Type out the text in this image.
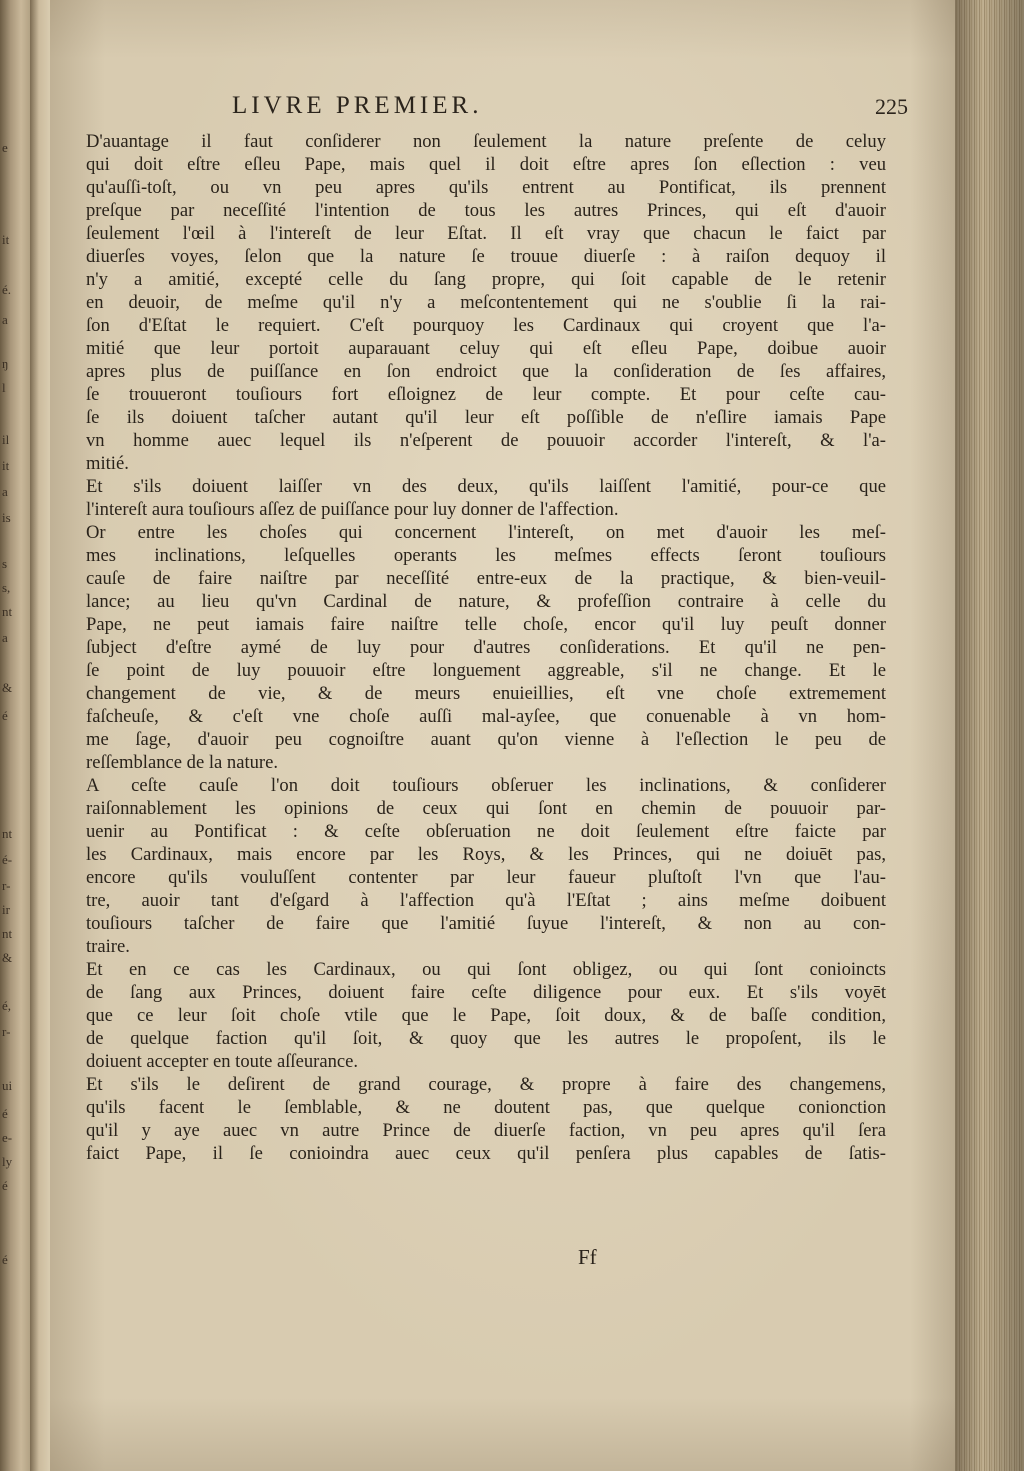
e
it
é.
a
ŋ
l
il
it
a
is
s
s,
nt
a
&
é
nt
é-
r-
ir
nt
&
é,
r-
ui
é
e-
ly
é
é
LIVRE PREMIER.	225
D'auantage il faut conſiderer non ſeulement la nature preſente de celuy
qui doit eſtre eſleu Pape, mais quel il doit eſtre apres ſon eſlection : veu
qu'auſſi-toſt, ou vn peu apres qu'ils entrent au Pontificat, ils prennent
preſque par neceſſité l'intention de tous les autres Princes, qui eſt d'auoir
ſeulement l'œil à l'intereſt de leur Eſtat. Il eſt vray que chacun le faict par
diuerſes voyes, ſelon que la nature ſe trouue diuerſe : à raiſon dequoy il
n'y a amitié, excepté celle du ſang propre, qui ſoit capable de le retenir
en deuoir, de meſme qu'il n'y a meſcontentement qui ne s'oublie ſi la rai-
ſon d'Eſtat le requiert. C'eſt pourquoy les Cardinaux qui croyent que l'a-
mitié que leur portoit auparauant celuy qui eſt eſleu Pape, doibue auoir
apres plus de puiſſance en ſon endroict que la conſideration de ſes affaires,
ſe trouueront touſiours fort eſloignez de leur compte. Et pour ceſte cau-
ſe ils doiuent taſcher autant qu'il leur eſt poſſible de n'eſlire iamais Pape
vn homme auec lequel ils n'eſperent de pouuoir accorder l'intereſt, & l'a-
mitié.
Et s'ils doiuent laiſſer vn des deux, qu'ils laiſſent l'amitié, pour-ce que
l'intereſt aura touſiours aſſez de puiſſance pour luy donner de l'affection.
Or entre les choſes qui concernent l'intereſt, on met d'auoir les meſ-
mes inclinations, leſquelles operants les meſmes effects ſeront touſiours
cauſe de faire naiſtre par neceſſité entre-eux de la practique, & bien-veuil-
lance; au lieu qu'vn Cardinal de nature, & profeſſion contraire à celle du
Pape, ne peut iamais faire naiſtre telle choſe, encor qu'il luy peuſt donner
ſubject d'eſtre aymé de luy pour d'autres conſiderations. Et qu'il ne pen-
ſe point de luy pouuoir eſtre longuement aggreable, s'il ne change. Et le
changement de vie, & de meurs enuieillies, eſt vne choſe extremement
faſcheuſe, & c'eſt vne choſe auſſi mal-ayſee, que conuenable à vn hom-
me ſage, d'auoir peu cognoiſtre auant qu'on vienne à l'eſlection le peu de
reſſemblance de la nature.
A ceſte cauſe l'on doit touſiours obſeruer les inclinations, & conſiderer
raiſonnablement les opinions de ceux qui ſont en chemin de pouuoir par-
uenir au Pontificat : & ceſte obſeruation ne doit ſeulement eſtre faicte par
les Cardinaux, mais encore par les Roys, & les Princes, qui ne doiuēt pas,
encore qu'ils vouluſſent contenter par leur faueur pluſtoſt l'vn que l'au-
tre, auoir tant d'eſgard à l'affection qu'à l'Eſtat ; ains meſme doibuent
touſiours taſcher de faire que l'amitié ſuyue l'intereſt, & non au con-
traire.
Et en ce cas les Cardinaux, ou qui ſont obligez, ou qui ſont conioincts
de ſang aux Princes, doiuent faire ceſte diligence pour eux. Et s'ils voyēt
que ce leur ſoit choſe vtile que le Pape, ſoit doux, & de baſſe condition,
de quelque faction qu'il ſoit, & quoy que les autres le propoſent, ils le
doiuent accepter en toute aſſeurance.
Et s'ils le deſirent de grand courage, & propre à faire des changemens,
qu'ils facent le ſemblable, & ne doutent pas, que quelque conionction
qu'il y aye auec vn autre Prince de diuerſe faction, vn peu apres qu'il ſera
faict Pape, il ſe conioindra auec ceux qu'il penſera plus capables de ſatis-
Ff
